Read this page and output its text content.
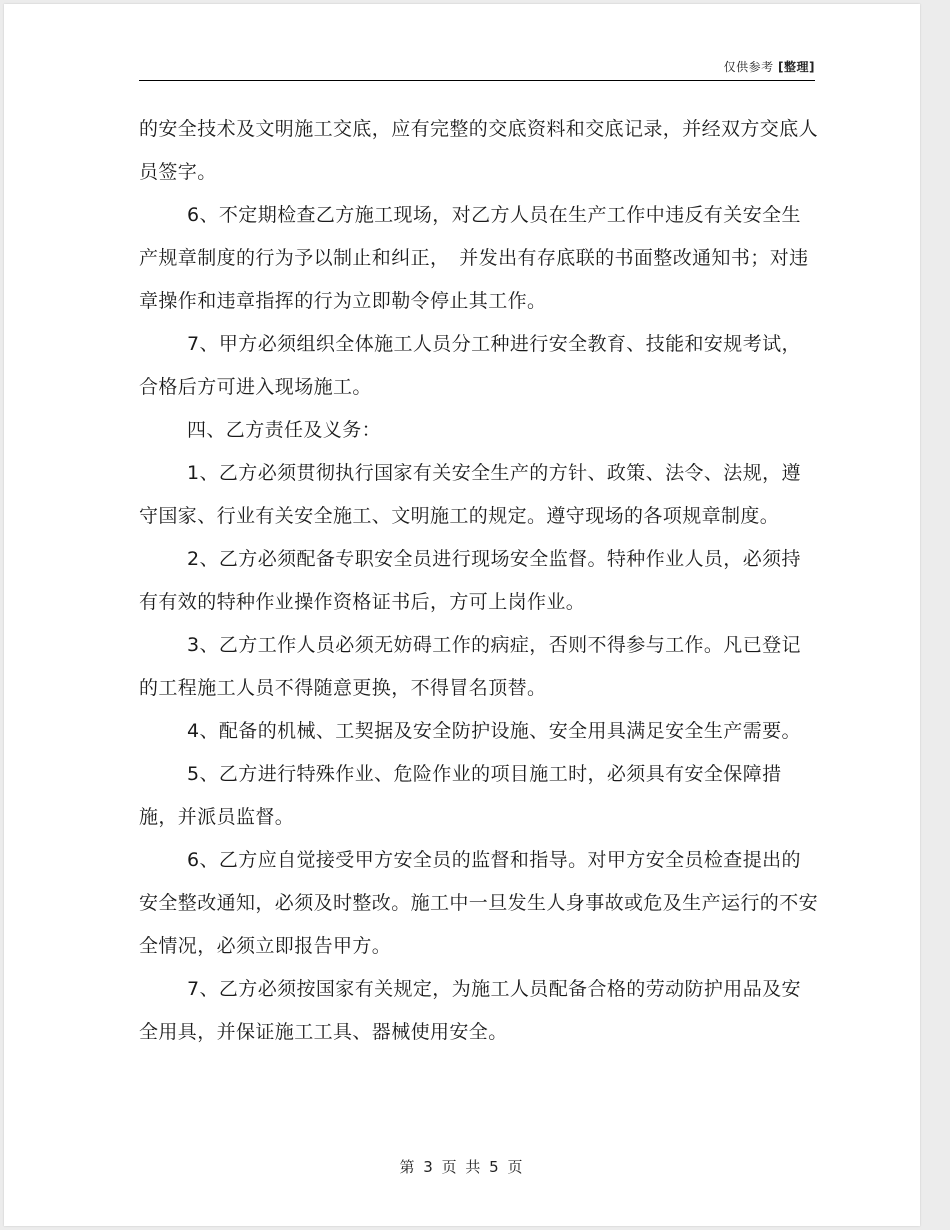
仅供参考 [整理]

的安全技术及文明施工交底，应有完整的交底资料和交底记录，并经双方交底人员签字。

6、不定期检查乙方施工现场，对乙方人员在生产工作中违反有关安全生产规章制度的行为予以制止和纠正，　并发出有存底联的书面整改通知书；对违章操作和违章指挥的行为立即勒令停止其工作。

7、甲方必须组织全体施工人员分工种进行安全教育、技能和安规考试，合格后方可进入现场施工。

四、乙方责任及义务：

1、乙方必须贯彻执行国家有关安全生产的方针、政策、法令、法规，遵守国家、行业有关安全施工、文明施工的规定。遵守现场的各项规章制度。

2、乙方必须配备专职安全员进行现场安全监督。特种作业人员，必须持有有效的特种作业操作资格证书后，方可上岗作业。

3、乙方工作人员必须无妨碍工作的病症，否则不得参与工作。凡已登记的工程施工人员不得随意更换，不得冒名顶替。

4、配备的机械、工契据及安全防护设施、安全用具满足安全生产需要。

5、乙方进行特殊作业、危险作业的项目施工时，必须具有安全保障措施，并派员监督。

6、乙方应自觉接受甲方安全员的监督和指导。对甲方安全员检查提出的安全整改通知，必须及时整改。施工中一旦发生人身事故或危及生产运行的不安全情况，必须立即报告甲方。

7、乙方必须按国家有关规定，为施工人员配备合格的劳动防护用品及安全用具，并保证施工工具、器械使用安全。

第 3 页 共 5 页
